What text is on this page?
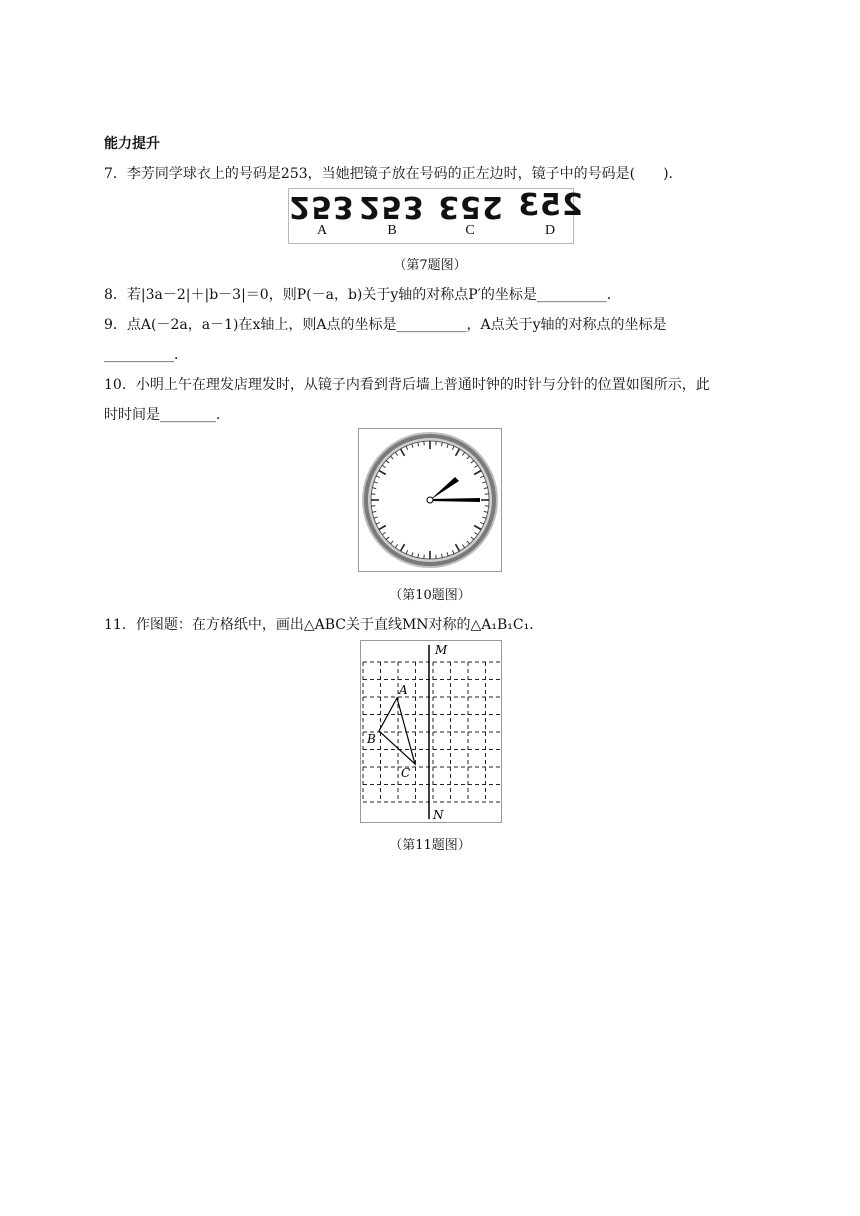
能力提升
7．李芳同学球衣上的号码是253，当她把镜子放在号码的正左边时，镜子中的号码是(　　)．
253
A
253
B
253
C
253
D
（第7题图）
8．若|3a－2|＋|b－3|＝0，则P(－a，b)关于y轴的对称点P′的坐标是__________．
9．点A(－2a，a－1)在x轴上，则A点的坐标是__________，A点关于y轴的对称点的坐标是
__________．
10．小明上午在理发店理发时，从镜子内看到背后墙上普通时钟的时针与分针的位置如图所示，此
时时间是________．
（第10题图）
11．作图题：在方格纸中，画出△ABC关于直线MN对称的△A₁B₁C₁．
M
N
A
B
C
（第11题图）
